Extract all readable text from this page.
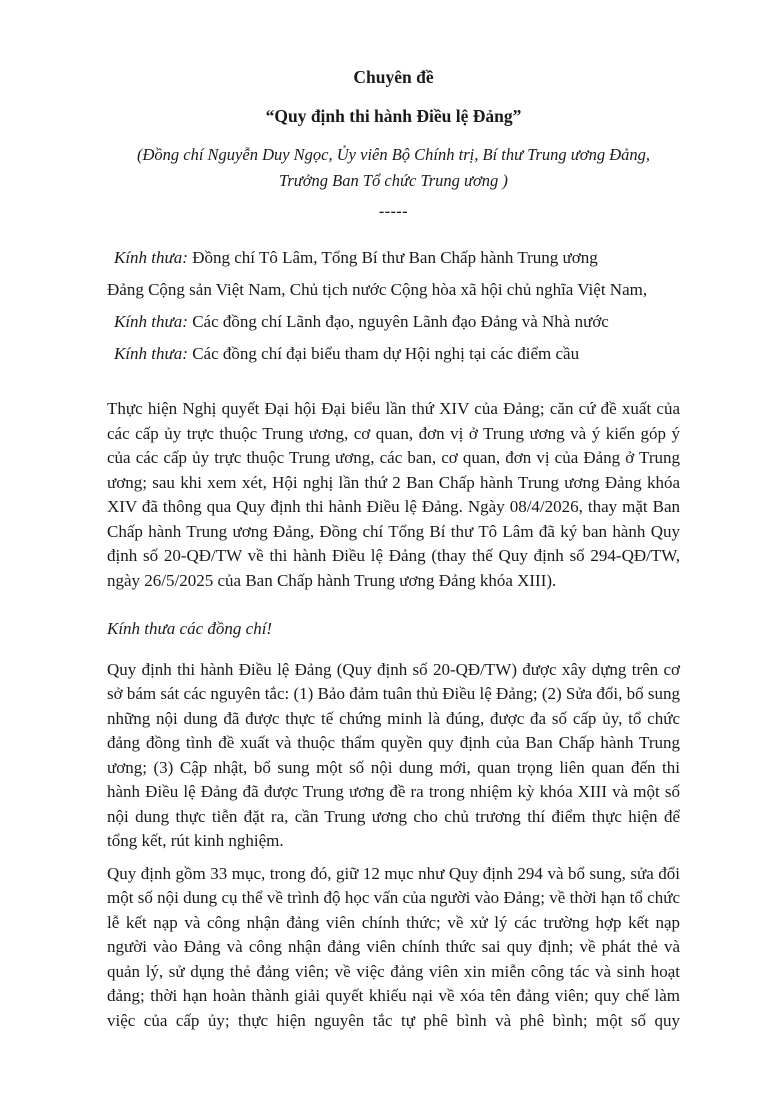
Chuyên đề
“Quy định thi hành Điều lệ Đảng”
(Đồng chí Nguyễn Duy Ngọc, Ủy viên Bộ Chính trị, Bí thư Trung ương Đảng,
Trưởng Ban Tổ chức Trung ương )
-----
Kính thưa: Đồng chí Tô Lâm, Tổng Bí thư Ban Chấp hành Trung ương
Đảng Cộng sản Việt Nam, Chủ tịch nước Cộng hòa xã hội chủ nghĩa Việt Nam,
Kính thưa: Các đồng chí Lãnh đạo, nguyên Lãnh đạo Đảng và Nhà nước
Kính thưa: Các đồng chí đại biểu tham dự Hội nghị tại các điểm cầu

Thực hiện Nghị quyết Đại hội Đại biểu lần thứ XIV của Đảng; căn cứ đề xuất của các cấp ủy trực thuộc Trung ương, cơ quan, đơn vị ở Trung ương và ý kiến góp ý của các cấp ủy trực thuộc Trung ương, các ban, cơ quan, đơn vị của Đảng ở Trung ương; sau khi xem xét, Hội nghị lần thứ 2 Ban Chấp hành Trung ương Đảng khóa XIV đã thông qua Quy định thi hành Điều lệ Đảng. Ngày 08/4/2026, thay mặt Ban Chấp hành Trung ương Đảng, Đồng chí Tổng Bí thư Tô Lâm đã ký ban hành Quy định số 20-QĐ/TW về thi hành Điều lệ Đảng (thay thế Quy định số 294-QĐ/TW, ngày 26/5/2025 của Ban Chấp hành Trung ương Đảng khóa XIII).

Kính thưa các đồng chí!

Quy định thi hành Điều lệ Đảng (Quy định số 20-QĐ/TW) được xây dựng trên cơ sở bám sát các nguyên tắc: (1) Bảo đảm tuân thủ Điều lệ Đảng; (2) Sửa đổi, bổ sung những nội dung đã được thực tế chứng minh là đúng, được đa số cấp ủy, tổ chức đảng đồng tình đề xuất và thuộc thẩm quyền quy định của Ban Chấp hành Trung ương; (3) Cập nhật, bổ sung một số nội dung mới, quan trọng liên quan đến thi hành Điều lệ Đảng đã được Trung ương đề ra trong nhiệm kỳ khóa XIII và một số nội dung thực tiễn đặt ra, cần Trung ương cho chủ trương thí điểm thực hiện để tổng kết, rút kinh nghiệm.

Quy định gồm 33 mục, trong đó, giữ 12 mục như Quy định 294 và bổ sung, sửa đổi một số nội dung cụ thể về trình độ học vấn của người vào Đảng; về thời hạn tổ chức lễ kết nạp và công nhận đảng viên chính thức; về xử lý các trường hợp kết nạp người vào Đảng và công nhận đảng viên chính thức sai quy định; về phát thẻ và quản lý, sử dụng thẻ đảng viên; về việc đảng viên xin miễn công tác và sinh hoạt đảng; thời hạn hoàn thành giải quyết khiếu nại về xóa tên đảng viên; quy chế làm việc của cấp ủy; thực hiện nguyên tắc tự phê bình và phê bình; một số quy
